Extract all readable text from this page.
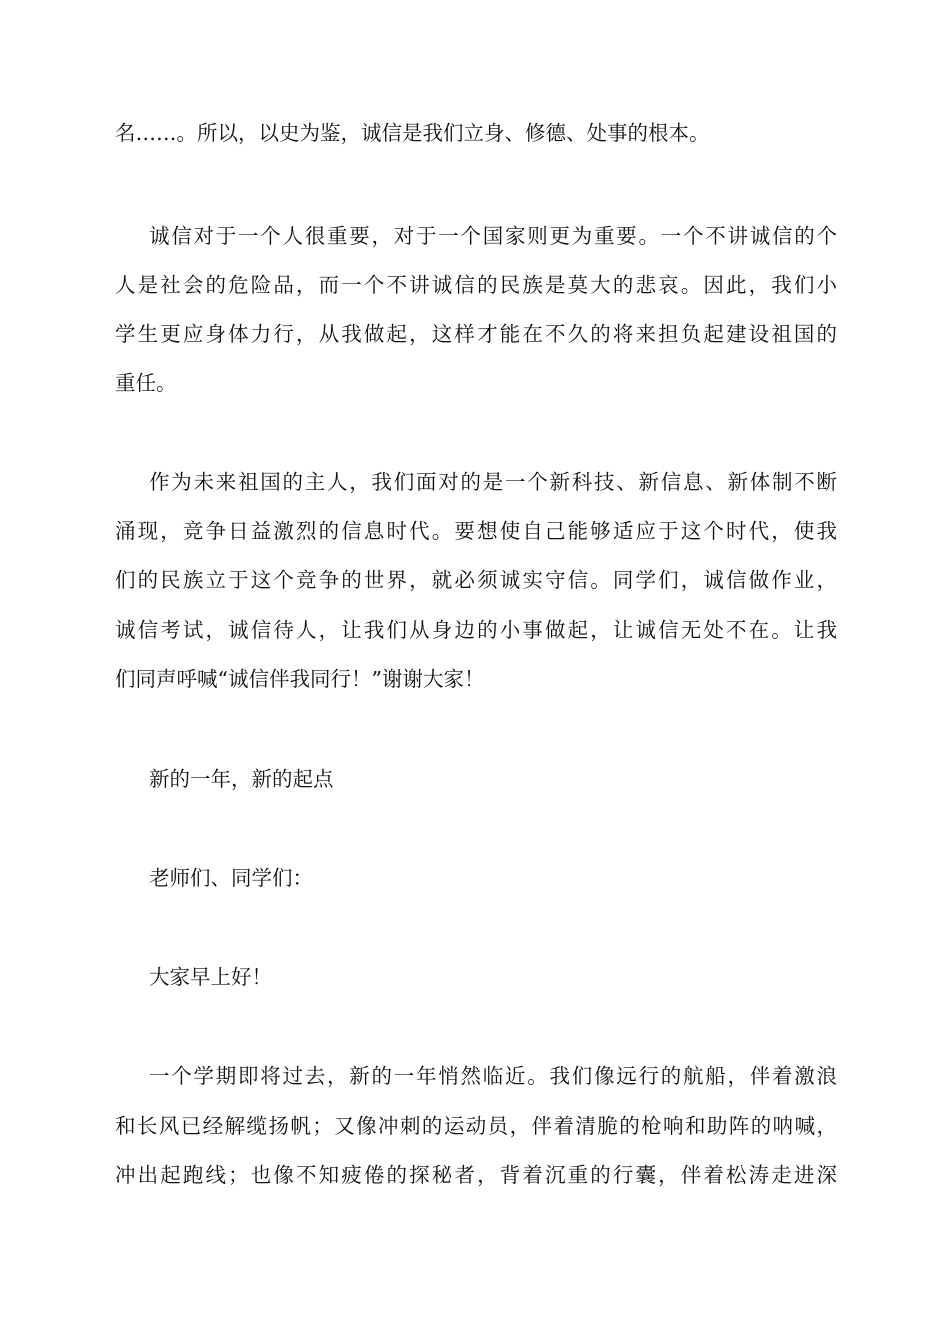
名……。所以，以史为鉴，诚信是我们立身、修德、处事的根本。
诚信对于一个人很重要，对于一个国家则更为重要。一个不讲诚信的个
人是社会的危险品，而一个不讲诚信的民族是莫大的悲哀。因此，我们小
学生更应身体力行，从我做起，这样才能在不久的将来担负起建设祖国的
重任。
作为未来祖国的主人，我们面对的是一个新科技、新信息、新体制不断
涌现，竞争日益激烈的信息时代。要想使自己能够适应于这个时代，使我
们的民族立于这个竞争的世界，就必须诚实守信。同学们，诚信做作业，
诚信考试，诚信待人，让我们从身边的小事做起，让诚信无处不在。让我
们同声呼喊“诚信伴我同行！”谢谢大家！
新的一年，新的起点
老师们、同学们：
大家早上好！
一个学期即将过去，新的一年悄然临近。我们像远行的航船，伴着激浪
和长风已经解缆扬帆；又像冲刺的运动员，伴着清脆的枪响和助阵的呐喊，
冲出起跑线；也像不知疲倦的探秘者，背着沉重的行囊，伴着松涛走进深
